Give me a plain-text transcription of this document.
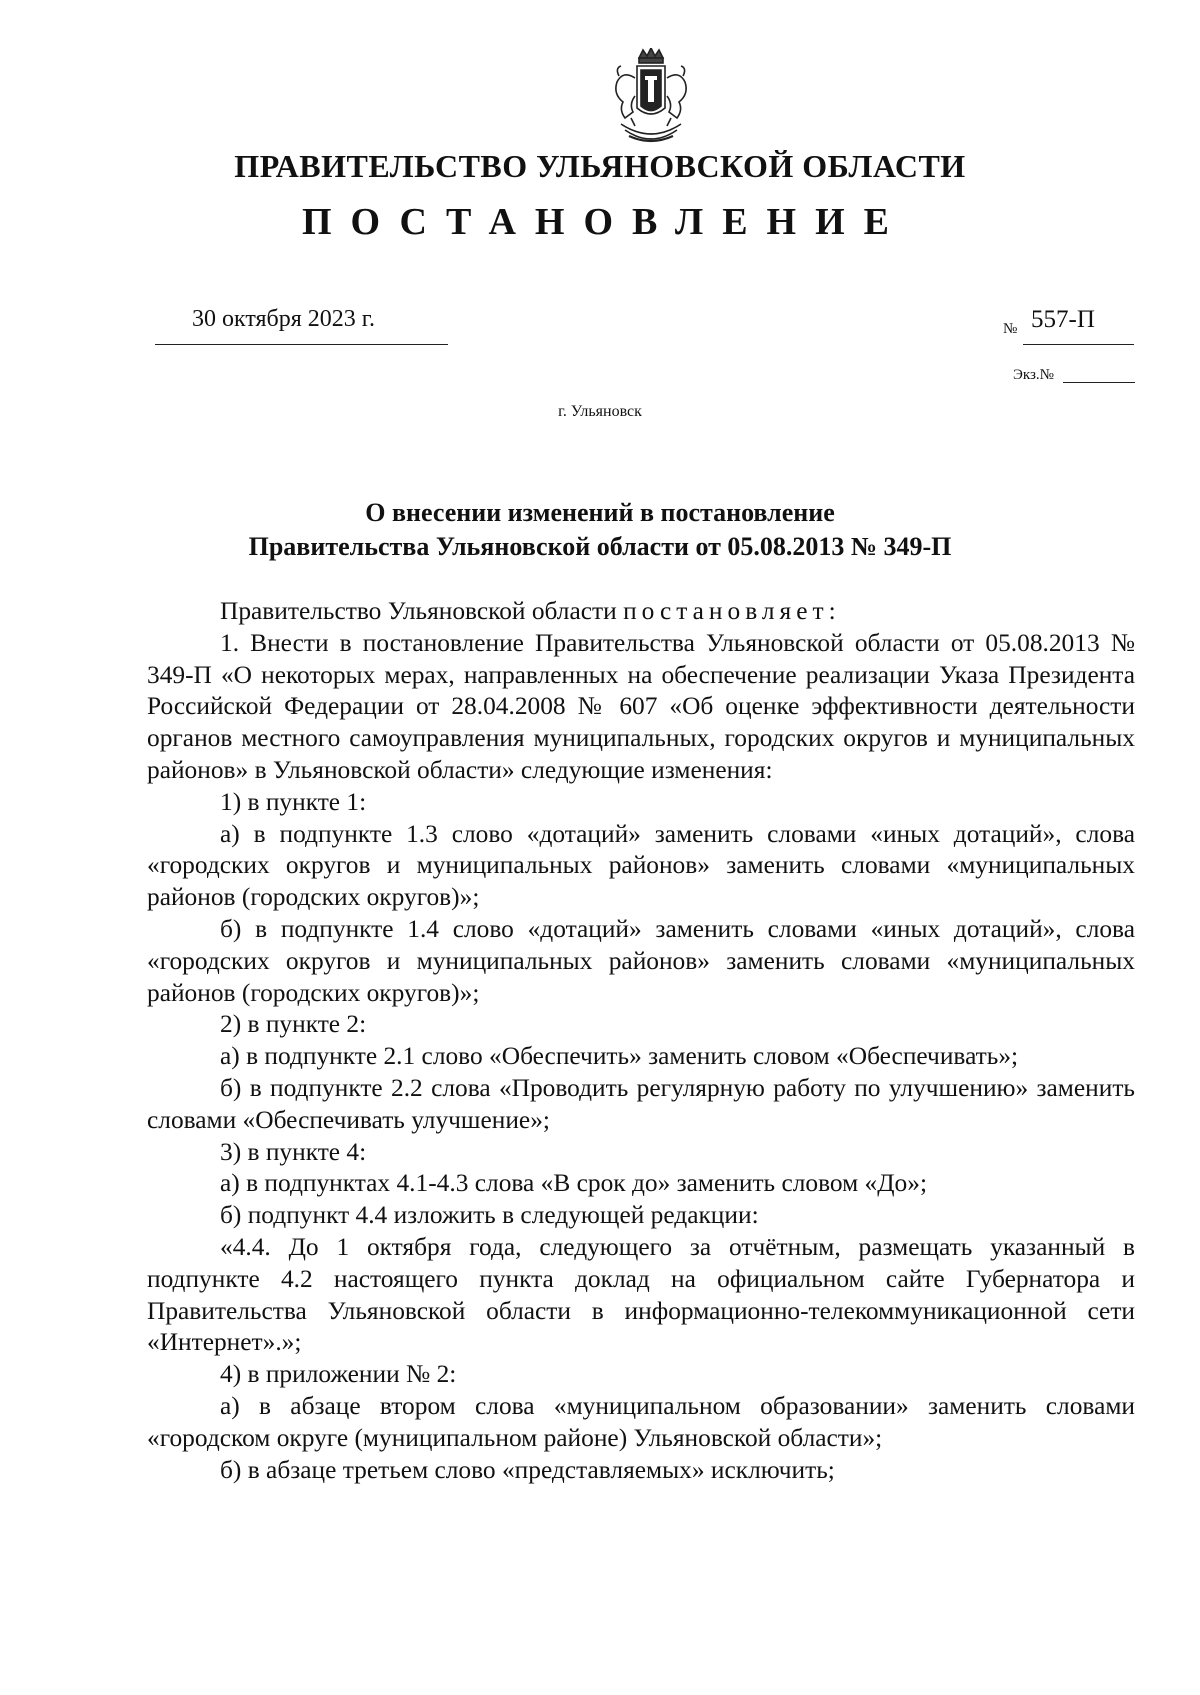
ПРАВИТЕЛЬСТВО УЛЬЯНОВСКОЙ ОБЛАСТИ
ПОСТАНОВЛЕНИЕ
30 октября 2023 г.	№ 557-П
Экз.№
г. Ульяновск
О внесении изменений в постановление
Правительства Ульяновской области от 05.08.2013 № 349-П

Правительство Ульяновской области постановляет:

1. Внести в постановление Правительства Ульяновской области от 05.08.2013 № 349-П «О некоторых мерах, направленных на обеспечение реализации Указа Президента Российской Федерации от 28.04.2008 № 607 «Об оценке эффективности деятельности органов местного самоуправления муниципальных, городских округов и муниципальных районов» в Ульяновской области» следующие изменения:

1) в пункте 1:

а) в подпункте 1.3 слово «дотаций» заменить словами «иных дотаций», слова «городских округов и муниципальных районов» заменить словами «муниципальных районов (городских округов)»;

б) в подпункте 1.4 слово «дотаций» заменить словами «иных дотаций», слова «городских округов и муниципальных районов» заменить словами «муниципальных районов (городских округов)»;

2) в пункте 2:

а) в подпункте 2.1 слово «Обеспечить» заменить словом «Обеспечивать»;

б) в подпункте 2.2 слова «Проводить регулярную работу по улучшению» заменить словами «Обеспечивать улучшение»;

3) в пункте 4:

а) в подпунктах 4.1-4.3 слова «В срок до» заменить словом «До»;

б) подпункт 4.4 изложить в следующей редакции:

«4.4. До 1 октября года, следующего за отчётным, размещать указанный в подпункте 4.2 настоящего пункта доклад на официальном сайте Губернатора и Правительства Ульяновской области в информационно-телекоммуникационной сети «Интернет».»;

4) в приложении № 2:

а) в абзаце втором слова «муниципальном образовании» заменить словами «городском округе (муниципальном районе) Ульяновской области»;

б) в абзаце третьем слово «представляемых» исключить;
